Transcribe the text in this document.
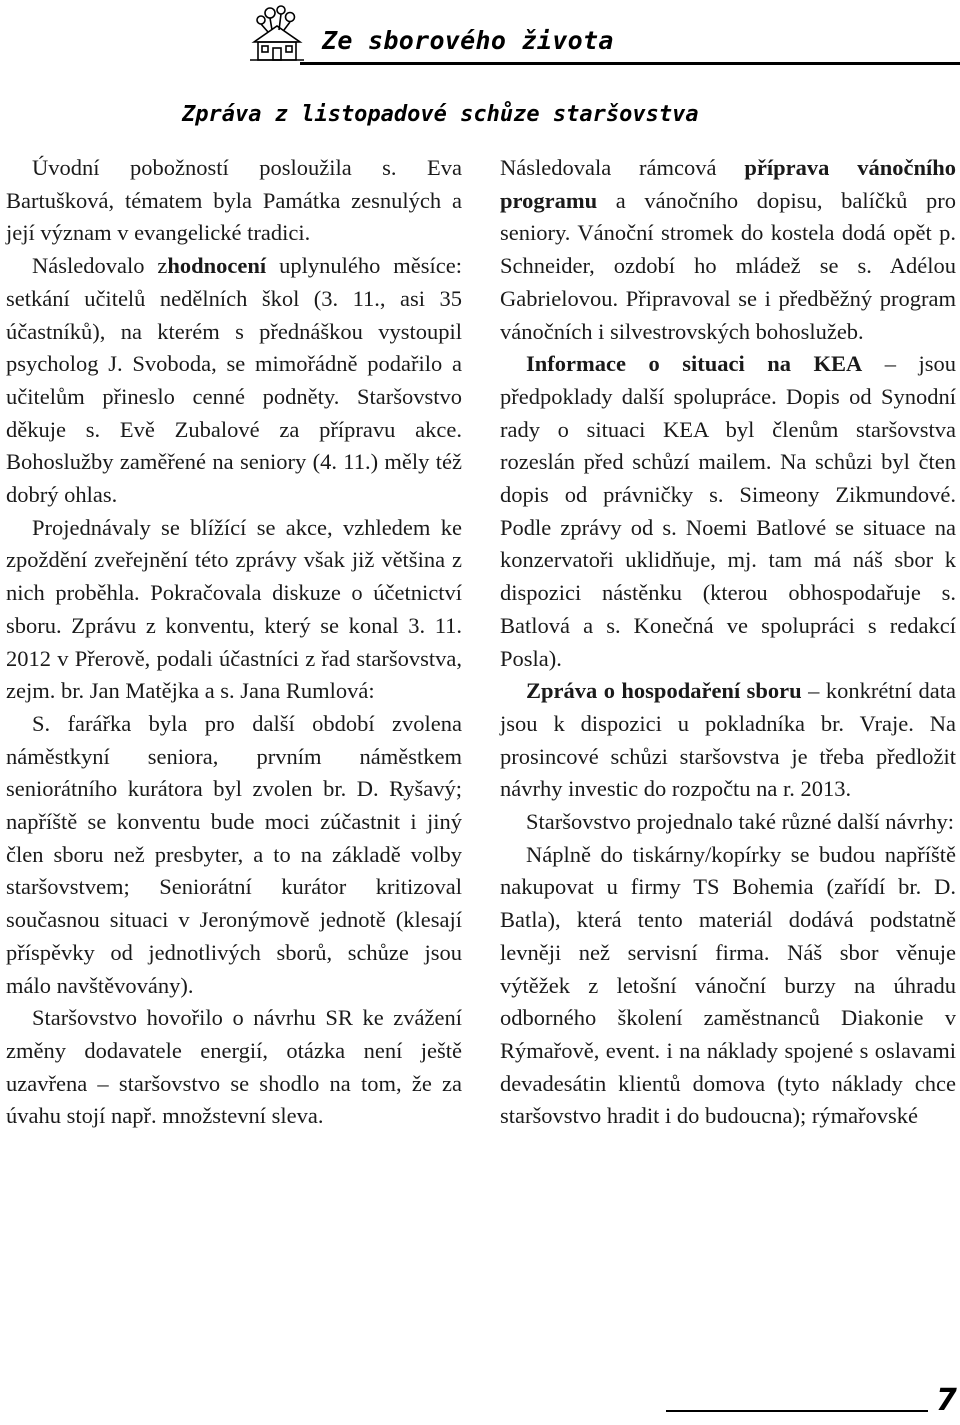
Ze sborového života
Zpráva z listopadové schůze staršovstva

Úvodní pobožností posloužila s. Eva Bartušková, tématem byla Památka zesnulých a její význam v evangelické tradici.

Následovalo zhodnocení uplynulého měsíce: setkání učitelů nedělních škol (3. 11., asi 35 účastníků), na kterém s přednáškou vystoupil psycholog J. Svoboda, se mimořádně podařilo a učitelům přineslo cenné podněty. Staršovstvo děkuje s. Evě Zubalové za přípravu akce. Bohoslužby zaměřené na seniory (4. 11.) měly též dobrý ohlas.

Projednávaly se blížící se akce, vzhledem ke zpoždění zveřejnění této zprávy však již většina z nich proběhla. Pokračovala diskuze o účetnictví sboru. Zprávu z konventu, který se konal 3. 11. 2012 v Přerově, podali účastníci z řad staršovstva, zejm. br. Jan Matějka a s. Jana Rumlová:

S. farářka byla pro další období zvolena náměstkyní seniora, prvním náměstkem seniorátního kurátora byl zvolen br. D. Ryšavý; napříště se konventu bude moci zúčastnit i jiný člen sboru než presbyter, a to na základě volby staršovstvem; Seniorátní kurátor kritizoval současnou situaci v Jeronýmově jednotě (klesají příspěvky od jednotlivých sborů, schůze jsou málo navštěvovány).

Staršovstvo hovořilo o návrhu SR ke zvážení změny dodavatele energií, otázka není ještě uzavřena – staršovstvo se shodlo na tom, že za úvahu stojí např. množstevní sleva.

Následovala rámcová příprava vánočního programu a vánočního dopisu, balíčků pro seniory. Vánoční stromek do kostela dodá opět p. Schneider, ozdobí ho mládež se s. Adélou Gabrielovou. Připravoval se i předběžný program vánočních i silvestrovských bohoslužeb.

Informace o situaci na KEA – jsou předpoklady další spolupráce. Dopis od Synodní rady o situaci KEA byl členům staršovstva rozeslán před schůzí mailem. Na schůzi byl čten dopis od právničky s. Simeony Zikmundové. Podle zprávy od s. Noemi Batlové se situace na konzervatoři uklidňuje, mj. tam má náš sbor k dispozici nástěnku (kterou obhospodařuje s. Batlová a s. Konečná ve spolupráci s redakcí Posla).

Zpráva o hospodaření sboru – konkrétní data jsou k dispozici u pokladníka br. Vraje. Na prosincové schůzi staršovstva je třeba předložit návrhy investic do rozpočtu na r. 2013.

Staršovstvo projednalo také různé další návrhy:

Náplně do tiskárny/kopírky se budou napříště nakupovat u firmy TS Bohemia (zařídí br. D. Batla), která tento materiál dodává podstatně levněji než servisní firma. Náš sbor věnuje výtěžek z letošní vánoční burzy na úhradu odborného školení zaměstnanců Diakonie v Rýmařově, event. i na náklady spojené s oslavami devadesátin klientů domova (tyto náklady chce staršovstvo hradit i do budoucna); rýmařovské

7
